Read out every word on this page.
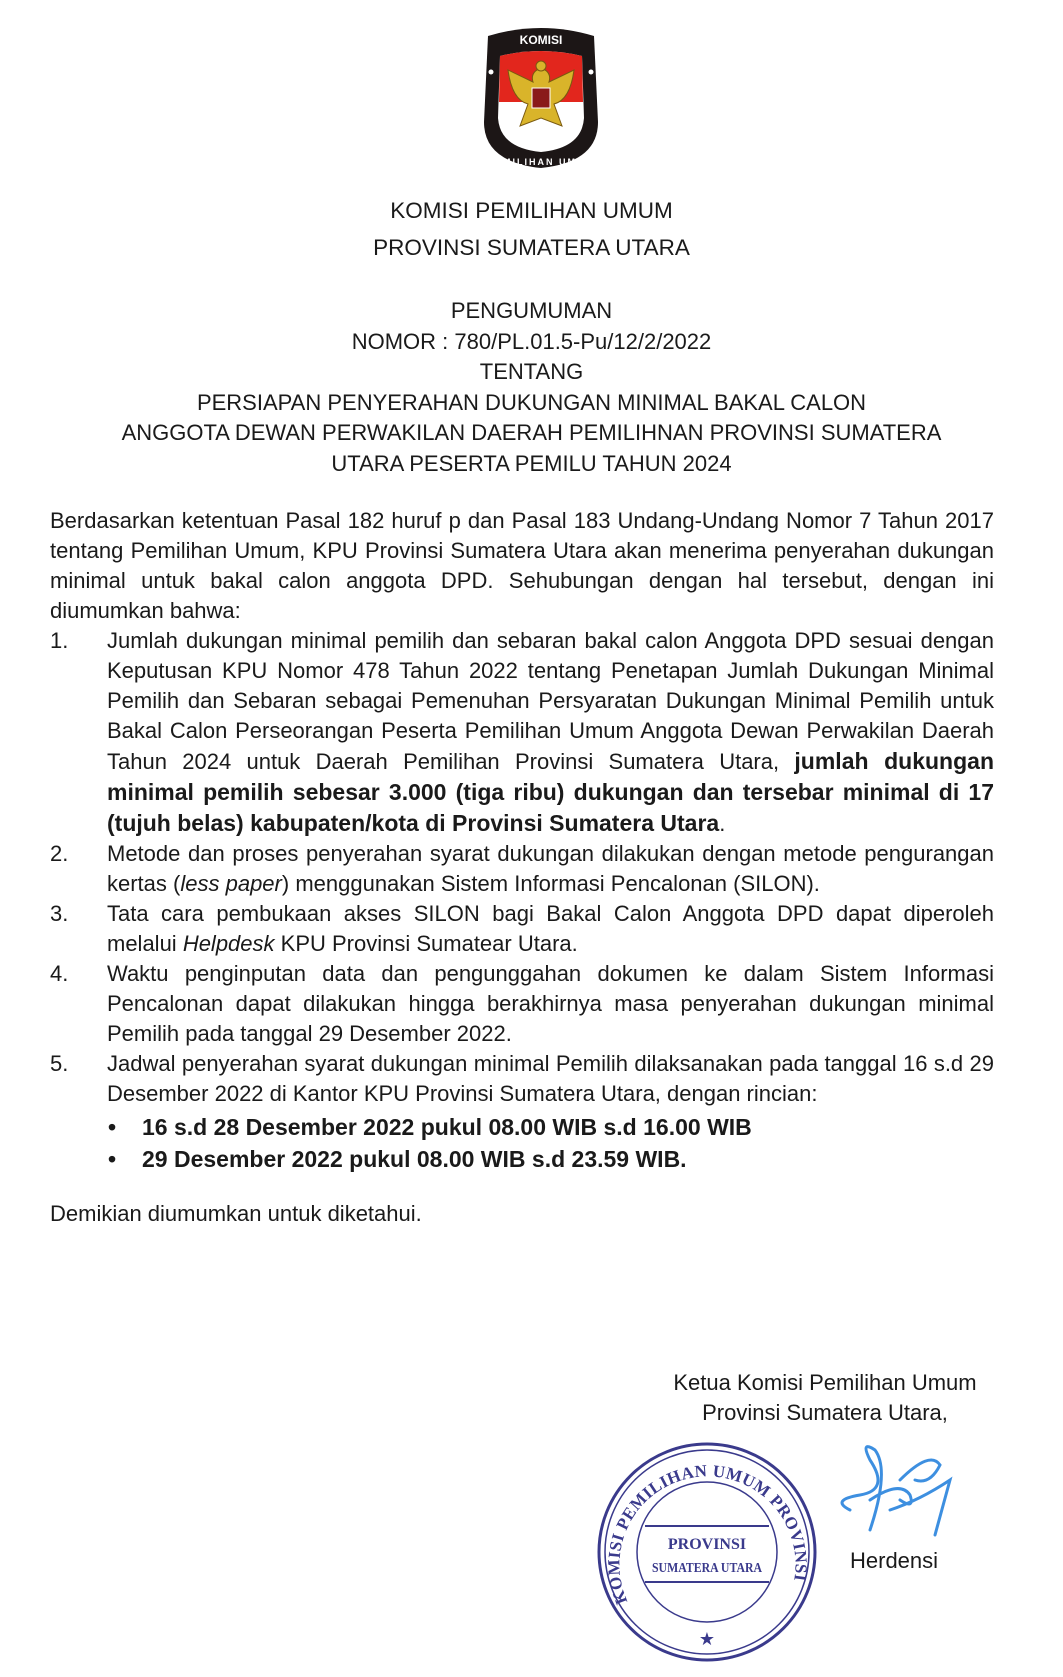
KOMISI
PEMILIHAN UMUM
KOMISI PEMILIHAN UMUM
PROVINSI SUMATERA UTARA
PENGUMUMAN
NOMOR : 780/PL.01.5-Pu/12/2/2022
TENTANG
PERSIAPAN PENYERAHAN DUKUNGAN MINIMAL BAKAL CALON
ANGGOTA DEWAN PERWAKILAN DAERAH PEMILIHNAN PROVINSI SUMATERA
UTARA PESERTA PEMILU TAHUN 2024

Berdasarkan ketentuan Pasal 182 huruf p dan Pasal 183 Undang-Undang Nomor 7 Tahun 2017 tentang Pemilihan Umum, KPU Provinsi Sumatera Utara akan menerima penyerahan dukungan minimal untuk bakal calon anggota DPD. Sehubungan dengan hal tersebut, dengan ini diumumkan bahwa:

1. Jumlah dukungan minimal pemilih dan sebaran bakal calon Anggota DPD sesuai dengan Keputusan KPU Nomor 478 Tahun 2022 tentang Penetapan Jumlah Dukungan Minimal Pemilih dan Sebaran sebagai Pemenuhan Persyaratan Dukungan Minimal Pemilih untuk Bakal Calon Perseorangan Peserta Pemilihan Umum Anggota Dewan Perwakilan Daerah Tahun 2024 untuk Daerah Pemilihan Provinsi Sumatera Utara, jumlah dukungan minimal pemilih sebesar 3.000 (tiga ribu) dukungan dan tersebar minimal di 17 (tujuh belas) kabupaten/kota di Provinsi Sumatera Utara.
2. Metode dan proses penyerahan syarat dukungan dilakukan dengan metode pengurangan kertas (less paper) menggunakan Sistem Informasi Pencalonan (SILON).
3. Tata cara pembukaan akses SILON bagi Bakal Calon Anggota DPD dapat diperoleh melalui Helpdesk KPU Provinsi Sumatear Utara.
4. Waktu penginputan data dan pengunggahan dokumen ke dalam Sistem Informasi Pencalonan dapat dilakukan hingga berakhirnya masa penyerahan dukungan minimal Pemilih pada tanggal 29 Desember 2022.
5. Jadwal penyerahan syarat dukungan minimal Pemilih dilaksanakan pada tanggal 16 s.d 29 Desember 2022 di Kantor KPU Provinsi Sumatera Utara, dengan rincian:
• 16 s.d 28 Desember 2022 pukul 08.00 WIB s.d 16.00 WIB
• 29 Desember 2022 pukul 08.00 WIB s.d 23.59 WIB.

Demikian diumumkan untuk diketahui.

Ketua Komisi Pemilihan Umum
Provinsi Sumatera Utara,
KOMISI PEMILIHAN UMUM PROVINSI
PROVINSI
SUMATERA UTARA
★
Herdensi
